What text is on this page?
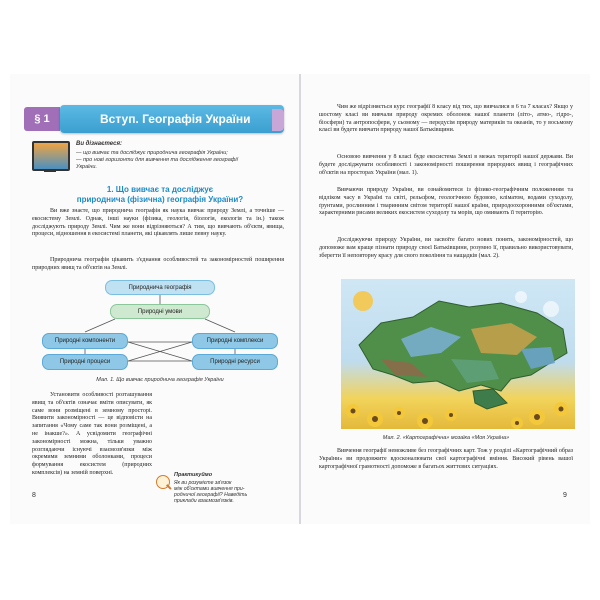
§ 1	Вступ. Географія України
Ви дізнаєтеся:
— що вивчає та досліджує природнича географія України;
— про нові горизонти для вивчення та дослідження географії
України.
1. Що вивчає та досліджує
природнича (фізична) географія України?

Ви вже знаєте, що природнича географія як наука вивчає природу Землі, а точніше — екосистему Землі. Однак, інші науки (фізика, геологія, біологія, екологія та ін.) також досліджують природу Землі. Чим же вони відрізняються? А тим, що вивчають об'єкти, явища, процеси, відношення в екосистемі планети, які цікавлять лише певну науку.

Природнича географія цікавить з'єднання особливостей та закономірностей поширення природних явищ та об'єктів на Землі.

Природнича географія
Природні умови
Природні компоненти	Природні комплекси
Природні процеси	Природні ресурси
Мал. 1. Що вивчає природнича географія України

Установити особливості розташування явищ та об'єктів означає вміти описувати, як саме вони розміщені в земному просторі. Виявити закономірності — це відповісти на запитання «Чому саме так вони розміщені, а не інакше?». А усвідомити географічні закономірності можна, тільки уважно розглядаючи існуючі взаємозв'язки між окремими земними оболонками, процеси формування екосистем (природних комплексів) на земній поверхні.	Практикуймо
Як ви розумієте зв'язок
між об'єктами вивчення при-
родничої географії? Наведіть
приклади взаємозв'язків.
8

Чим же відрізняється курс географії 8 класу від тих, що вивчалися в 6 та 7 класах? Якщо у шостому класі ви вивчали природу окремих оболонок нашої планети (літо-, атмо-, гідро-, біосфери) та антропосфери, у сьомому — передусім природу материків та океанів, то у восьмому класі ви будете вивчати природу нашої Батьківщини.

Основою вивчення у 8 класі буде екосистема Землі в межах території нашої держави. Ви будете досліджувати особливості і закономірності поширення природних явищ і географічних об'єктів на просторах України (мал. 1).

Вивчаючи природу України, ви ознайомитеся із фізико-географічним положенням та відліком часу в Україні та світі, рельєфом, геологічною будовою, кліматом, водами суходолу, ґрунтами, рослинним і тваринним світом території нашої країни, природоохоронними об'єктами, характерними рисами великих екосистем суходолу та морів, що омивають її територію.

Досліджуючи природу України, ви засвоїте багато нових понять, закономірностей, що допоможе вам краще пізнати природу своєї Батьківщини, розумно її, правильно використовувати, зберегти її неповторну красу для свого покоління та нащадків (мал. 2).

Мал. 2. «Картографічна» мозаїка «Моя Україна»

Вивчення географії неможливе без географічних карт. Тож у розділі «Картографічний образ України» ви продовжите вдосконалювати свої картографічні вміння. Високий рівень вашої картографічної грамотності допоможе в багатьох життєвих ситуаціях.

9
